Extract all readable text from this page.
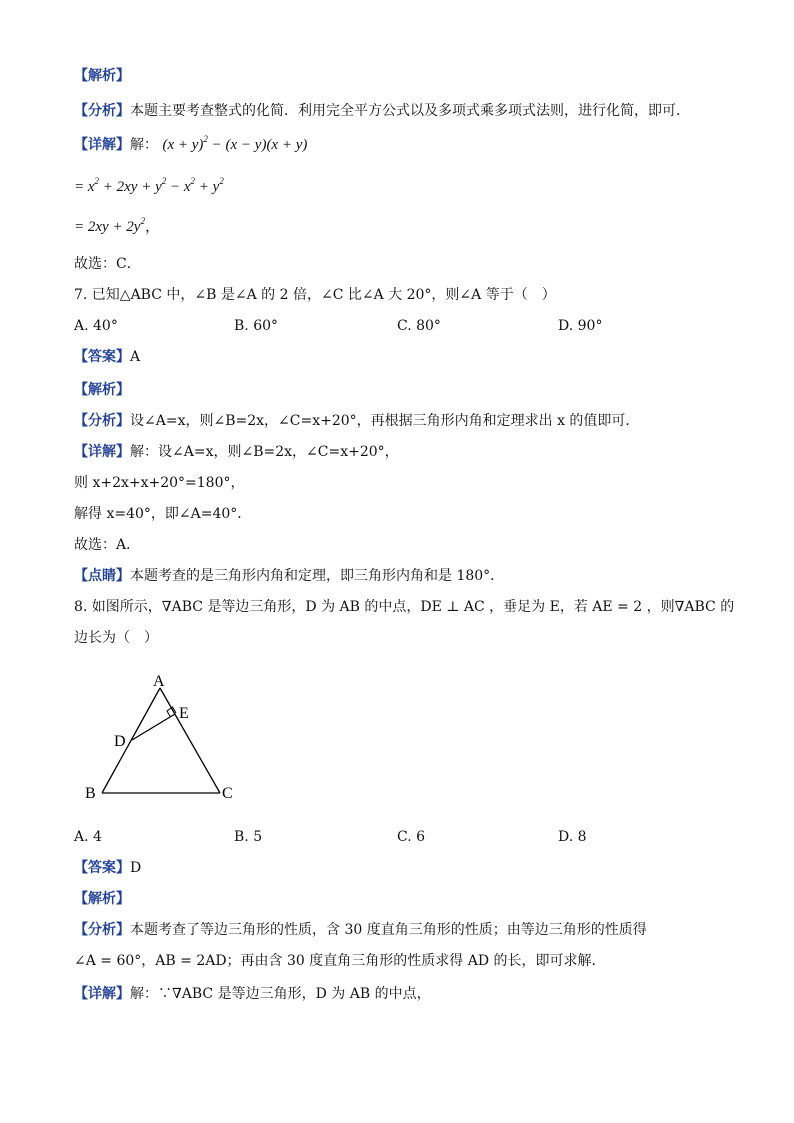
【解析】
【分析】本题主要考查整式的化简．利用完全平方公式以及多项式乘多项式法则，进行化简，即可．
【详解】解： $(x + y)^2 - (x - y)(x + y)$
= $x^2 + 2xy + y^2 - x^2 + y^2$
= $2xy + 2y^2$，
故选：C．
7. 已知△ABC 中，∠B 是∠A 的 2 倍，∠C 比∠A 大 20°，则∠A 等于（　）
A. 40°	B. 60°	C. 80°	D. 90°
【答案】A
【解析】
【分析】设∠A=x，则∠B=2x，∠C=x+20°，再根据三角形内角和定理求出 x 的值即可．
【详解】解：设∠A=x，则∠B=2x，∠C=x+20°，
则 x+2x+x+20°=180°，
解得 x=40°，即∠A=40°．
故选：A．
【点睛】本题考查的是三角形内角和定理，即三角形内角和是 180°．
8. 如图所示，∇ABC 是等边三角形，D 为 AB 的中点，DE ⊥ AC ，垂足为 E，若 AE = 2 ，则∇ABC 的
边长为（　）
A
E
D
B	C
A. 4	B. 5	C. 6	D. 8
【答案】D
【解析】
【分析】本题考查了等边三角形的性质，含 30 度直角三角形的性质；由等边三角形的性质得
∠A = 60°，AB = 2AD；再由含 30 度直角三角形的性质求得 AD 的长，即可求解．
【详解】解：∵∇ABC 是等边三角形，D 为 AB 的中点，
